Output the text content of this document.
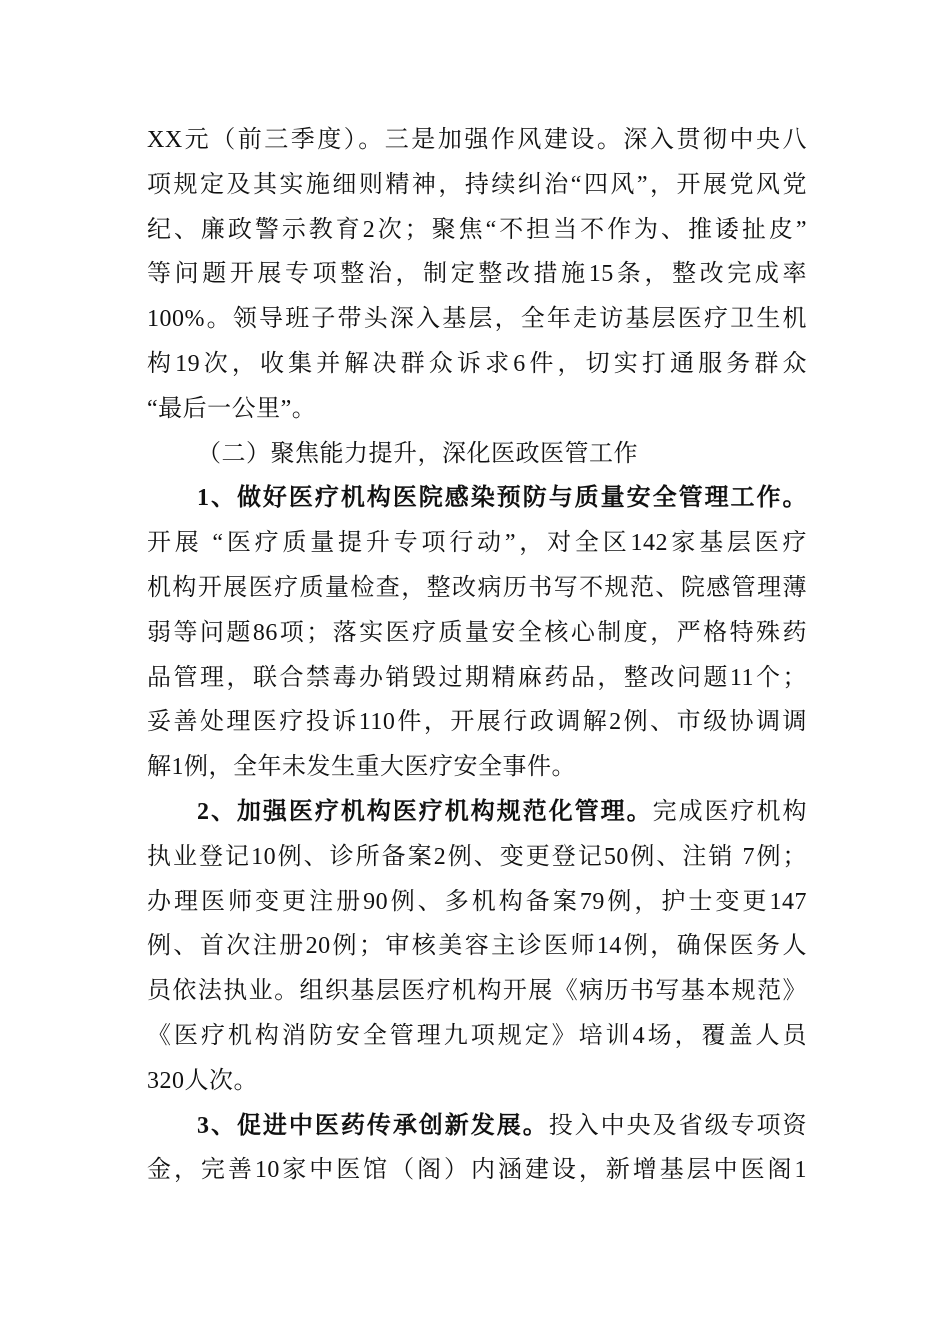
XX元（前三季度）。三是加强作风建设。深入贯彻中央八
项规定及其实施细则精神，持续纠治“四风”，开展党风党
纪、廉政警示教育2次；聚焦“不担当不作为、推诿扯皮”
等问题开展专项整治，制定整改措施15条，整改完成率
100%。领导班子带头深入基层，全年走访基层医疗卫生机
构19次，收集并解决群众诉求6件，切实打通服务群众
“最后一公里”。
（二）聚焦能力提升，深化医政医管工作
1、做好医疗机构医院感染预防与质量安全管理工作。
开展 “医疗质量提升专项行动”，对全区142家基层医疗
机构开展医疗质量检查，整改病历书写不规范、院感管理薄
弱等问题86项；落实医疗质量安全核心制度，严格特殊药
品管理，联合禁毒办销毁过期精麻药品，整改问题11个；
妥善处理医疗投诉110件，开展行政调解2例、市级协调调
解1例，全年未发生重大医疗安全事件。
2、加强医疗机构医疗机构规范化管理。完成医疗机构
执业登记10例、诊所备案2例、变更登记50例、注销 7例；
办理医师变更注册90例、多机构备案79例，护士变更147
例、首次注册20例；审核美容主诊医师14例，确保医务人
员依法执业。组织基层医疗机构开展《病历书写基本规范》
《医疗机构消防安全管理九项规定》培训4场，覆盖人员
320人次。
3、促进中医药传承创新发展。投入中央及省级专项资
金，完善10家中医馆（阁）内涵建设，新增基层中医阁1
